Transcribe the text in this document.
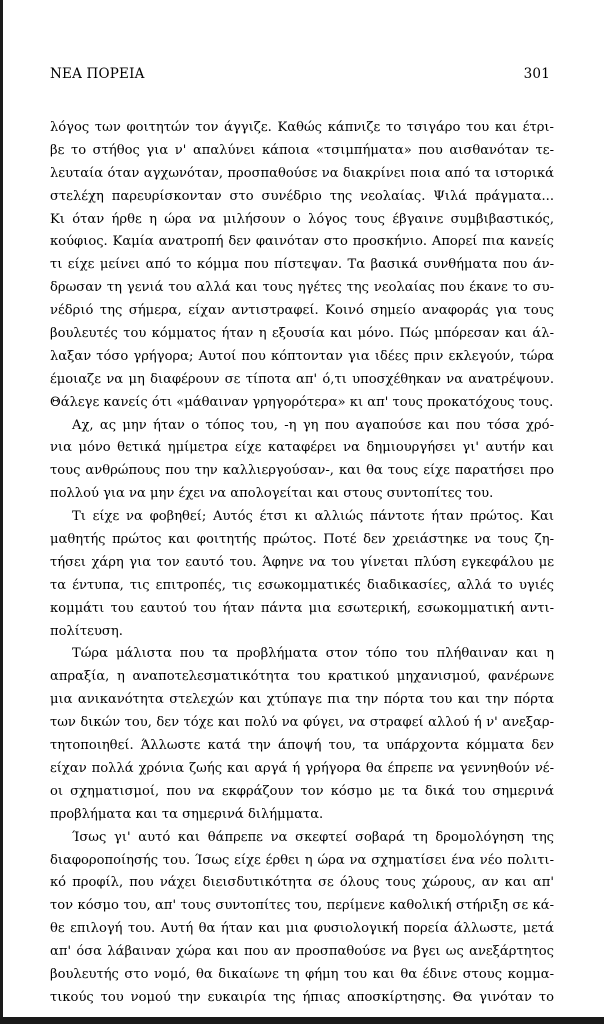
ΝΕΑ ΠΟΡΕΙΑ	301
λόγος των φοιτητών τον άγγιζε. Καθώς κάπνιζε το τσιγάρο του και έτρι-
βε το στήθος για ν' απαλύνει κάποια «τσιμπήματα» που αισθανόταν τε-
λευταία όταν αγχωνόταν, προσπαθούσε να διακρίνει ποια από τα ιστορικά
στελέχη παρευρίσκονταν στο συνέδριο της νεολαίας. Ψιλά πράγματα...
Κι όταν ήρθε η ώρα να μιλήσουν ο λόγος τους έβγαινε συμβιβαστικός,
κούφιος. Καμία ανατροπή δεν φαινόταν στο προσκήνιο. Απορεί πια κανείς
τι είχε μείνει από το κόμμα που πίστεψαν. Τα βασικά συνθήματα που άν-
δρωσαν τη γενιά του αλλά και τους ηγέτες της νεολαίας που έκανε το συ-
νέδριό της σήμερα, είχαν αντιστραφεί. Κοινό σημείο αναφοράς για τους
βουλευτές του κόμματος ήταν η εξουσία και μόνο. Πώς μπόρεσαν και άλ-
λαξαν τόσο γρήγορα; Αυτοί που κόπτονταν για ιδέες πριν εκλεγούν, τώρα
έμοιαζε να μη διαφέρουν σε τίποτα απ' ό,τι υποσχέθηκαν να ανατρέψουν.
Θάλεγε κανείς ότι «μάθαιναν γρηγορότερα» κι απ' τους προκατόχους τους.
Αχ, ας μην ήταν ο τόπος του, -η γη που αγαπούσε και που τόσα χρό-
νια μόνο θετικά ημίμετρα είχε καταφέρει να δημιουργήσει γι' αυτήν και
τους ανθρώπους που την καλλιεργούσαν-, και θα τους είχε παρατήσει προ
πολλού για να μην έχει να απολογείται και στους συντοπίτες του.
Τι είχε να φοβηθεί; Αυτός έτσι κι αλλιώς πάντοτε ήταν πρώτος. Και
μαθητής πρώτος και φοιτητής πρώτος. Ποτέ δεν χρειάστηκε να τους ζη-
τήσει χάρη για τον εαυτό του. Άφηνε να του γίνεται πλύση εγκεφάλου με
τα έντυπα, τις επιτροπές, τις εσωκομματικές διαδικασίες, αλλά το υγιές
κομμάτι του εαυτού του ήταν πάντα μια εσωτερική, εσωκομματική αντι-
πολίτευση.
Τώρα μάλιστα που τα προβλήματα στον τόπο του πλήθαιναν και η
απραξία, η αναποτελεσματικότητα του κρατικού μηχανισμού, φανέρωνε
μια ανικανότητα στελεχών και χτύπαγε πια την πόρτα του και την πόρτα
των δικών του, δεν τόχε και πολύ να φύγει, να στραφεί αλλού ή ν' ανεξαρ-
τητοποιηθεί. Άλλωστε κατά την άποψή του, τα υπάρχοντα κόμματα δεν
είχαν πολλά χρόνια ζωής και αργά ή γρήγορα θα έπρεπε να γεννηθούν νέ-
οι σχηματισμοί, που να εκφράζουν τον κόσμο με τα δικά του σημερινά
προβλήματα και τα σημερινά διλήμματα.
Ίσως γι' αυτό και θάπρεπε να σκεφτεί σοβαρά τη δρομολόγηση της
διαφοροποίησής του. Ίσως είχε έρθει η ώρα να σχηματίσει ένα νέο πολιτι-
κό προφίλ, που νάχει διεισδυτικότητα σε όλους τους χώρους, αν και απ'
τον κόσμο του, απ' τους συντοπίτες του, περίμενε καθολική στήριξη σε κά-
θε επιλογή του. Αυτή θα ήταν και μια φυσιολογική πορεία άλλωστε, μετά
απ' όσα λάβαιναν χώρα και που αν προσπαθούσε να βγει ως ανεξάρτητος
βουλευτής στο νομό, θα δικαίωνε τη φήμη του και θα έδινε στους κομμα-
τικούς του νομού την ευκαιρία της ήπιας αποσκίρτησης. Θα γινόταν το
